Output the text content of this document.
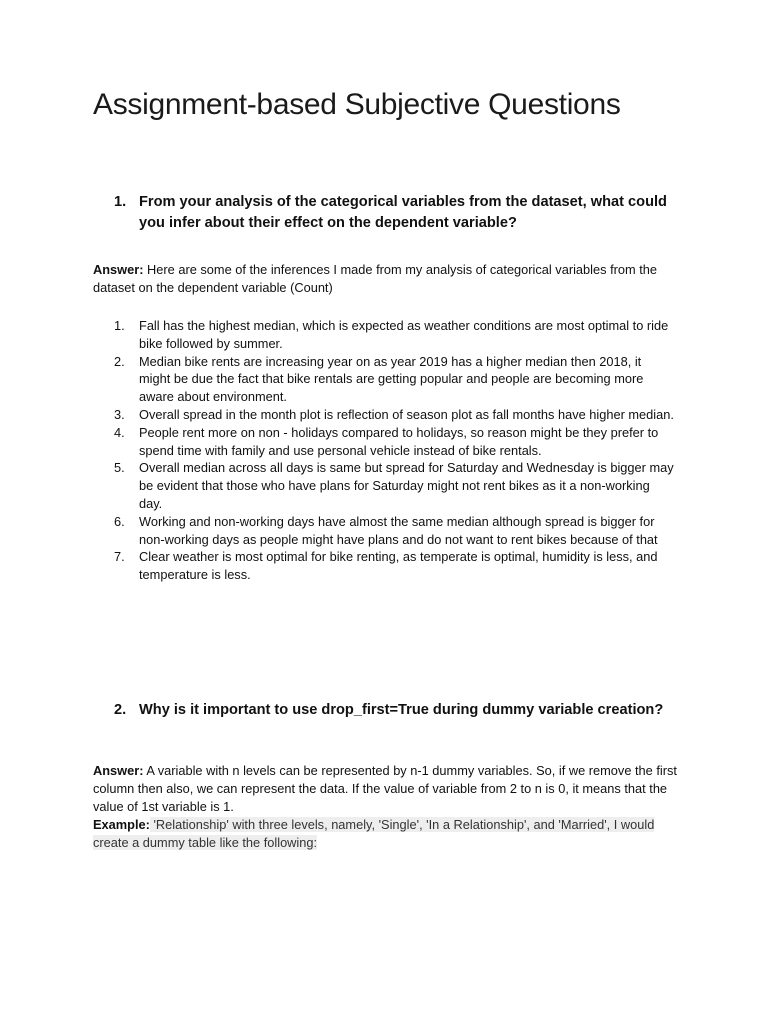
Assignment-based Subjective Questions
1. From your analysis of the categorical variables from the dataset, what could you infer about their effect on the dependent variable?
Answer: Here are some of the inferences I made from my analysis of categorical variables from the dataset on the dependent variable (Count)
1.	Fall has the highest median, which is expected as weather conditions are most optimal to ride bike followed by summer.
2.	Median bike rents are increasing year on as year 2019 has a higher median then 2018, it might be due the fact that bike rentals are getting popular and people are becoming more aware about environment.
3.	Overall spread in the month plot is reflection of season plot as fall months have higher median.
4.	People rent more on non - holidays compared to holidays, so reason might be they prefer to spend time with family and use personal vehicle instead of bike rentals.
5.	Overall median across all days is same but spread for Saturday and Wednesday is bigger may be evident that those who have plans for Saturday might not rent bikes as it a non-working day.
6.	Working and non-working days have almost the same median although spread is bigger for non-working days as people might have plans and do not want to rent bikes because of that
7.	Clear weather is most optimal for bike renting, as temperate is optimal, humidity is less, and temperature is less.
2. Why is it important to use drop_first=True during dummy variable creation?
Answer: A variable with n levels can be represented by n-1 dummy variables. So, if we remove the first column then also, we can represent the data. If the value of variable from 2 to n is 0, it means that the value of 1st variable is 1.
Example: 'Relationship' with three levels, namely, 'Single', 'In a Relationship', and 'Married', I would create a dummy table like the following:
